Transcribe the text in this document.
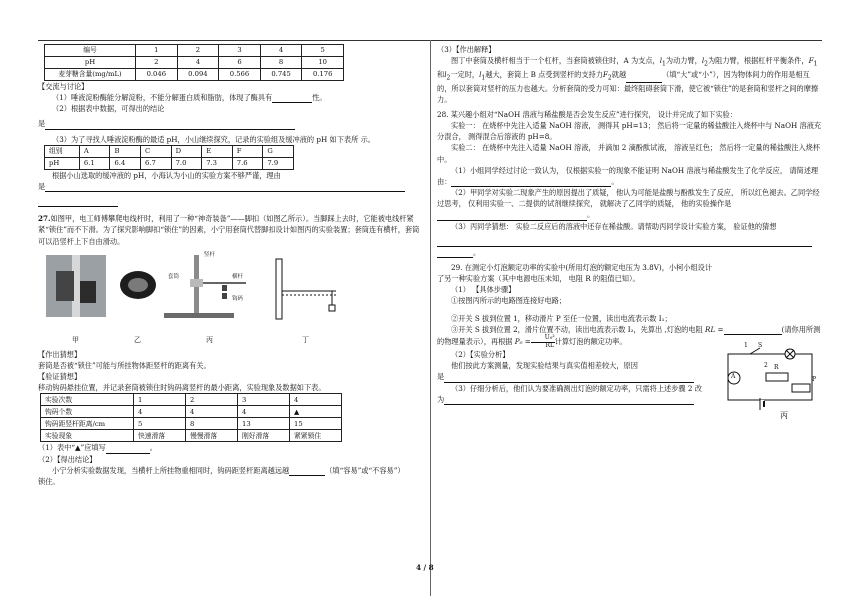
编号	1	2	3	4	5
pH	2	4	6	8	10
麦芽糖含量(mg/mL)	0.046	0.094	0.566	0.745	0.176

【交流与讨论】

（1）唾液淀粉酶能分解淀粉，不能分解蛋白质和脂肪，体现了酶具有	性。

（2）根据表中数据，可得出的结论

是

（3）为了寻找人唾液淀粉酶的最适 pH，小山继续探究，记录的实验组及缓冲液的 pH 如下表所 示。

组别	A	B	C	D	E	F	G
pH	6.1	6.4	6.7	7.0	7.3	7.6	7.9

根据小山选取的缓冲液的 pH，小海认为小山的实验方案不够严谨，理由

是

27.如图甲，电工师傅攀爬电线杆时，利用了一种“神奇装备”——脚扣（如图乙所示）。当脚踩上去时，它能被电线杆紧紧“锁住”而不下滑。为了探究影响脚扣“锁住”的因素，小宁用套筒代替脚扣设计如图丙的实验装置；套筒连有横杆，套筒可以沿竖杆上下自由滑动。

甲	乙	丙	丁
竖杆
套筒	横杆
钩码

【作出猜想】

套筒是否被“锁住”可能与所挂物体距竖杆的距离有关。

【验证猜想】

移动钩码悬挂位置，并记录套筒被锁住时钩码离竖杆的最小距离，实验现象及数据如下表。

实验次数	1	2	3	4
钩码个数	4	4	4	▲
钩码距竖杆距离/cm	5	8	13	15
实验现象	快速滑落	慢慢滑落	刚好滑落	紧紧锁住

（1）表中“▲”应填写	。

（2）【得出结论】

小宁分析实验数据发现，当横杆上所挂物重相同时，钩码距竖杆距离越远越	（填“容易”或“不容易”）

锁住。

（3）【作出解释】

图丁中套筒及横杆相当于一个杠杆，当套筒被锁住时，A 为支点，$l_1$为动力臂，$l_2$为阻力臂，根据杠杆平衡条件，$F_1$和$l_2$一定时，$l_1$越大，套筒上 B 点受到竖杆的支持力$F_2$就越	（填“大”或“小”），因为物体间力的作用是相互的，所以套筒对竖杆的压力也越大。分析套筒的受力可知：最终阻碍套筒下滑，使它被“锁住”的是套筒和竖杆之间的摩擦力。

28. 某兴趣小组对“NaOH 溶液与稀盐酸是否会发生反应”进行探究， 设计并完成了如下实验：

实验一： 在烧杯中先注入适量 NaOH 溶液， 测得其 pH=13； 然后将一定量的稀盐酸注入烧杯中与 NaOH 溶液充分混合， 测得混合后溶液的 pH=8。

实验二： 在烧杯中先注入适量 NaOH 溶液， 并滴加 2 滴酚酞试液， 溶液呈红色； 然后将一定量的稀盐酸注入烧杯中。

（1）小组同学经过讨论一致认为， 仅根据实验一的现象不能证明 NaOH 溶液与稀盐酸发生了化学反应， 请简述理由：	。

（2）甲同学对实验二现象产生的原因提出了质疑， 他认为可能是盐酸与酚酞发生了反应， 所以红色褪去。乙同学经过思考， 仅利用实验一、二提供的试剂继续探究， 就解决了乙同学的质疑， 他的实验操作是。

（3）丙同学猜想： 实验二反应后的溶液中还存在稀盐酸。请帮助丙同学设计实验方案， 验证他的猜想

。

29. 在测定小灯泡额定功率的实验中(所用灯泡的额定电压为 3.8V)，小柯小组设计了另一种实验方案（其中电源电压未知， 电阻 R 的阻值已知）。

（1） 【具体步骤】

①按图丙所示的电路图连接好电路；

②开关 S 拔到位置 1，移动滑片 P 至任一位置，读出电流表示数 I₁；

③开关 S 拔到位置 2，滑片位置不动，读出电流表示数 I₂，先算出 ,灯泡的电阻 RL =	(请你用所测的物理量表示），再根据 $P_0 = \frac{\text{U₀²}}{RL}$ 计算灯泡的额定功率。

（2）【实验分析】

他们按此方案测量，发现实验结果与真实值相差较大，原因

是

（3）仔细分析后，他们认为要准确测出灯泡的额定功率，只需将上述步骤 2 改

为

S
1
2
A
R
P
丙
4 / 8
